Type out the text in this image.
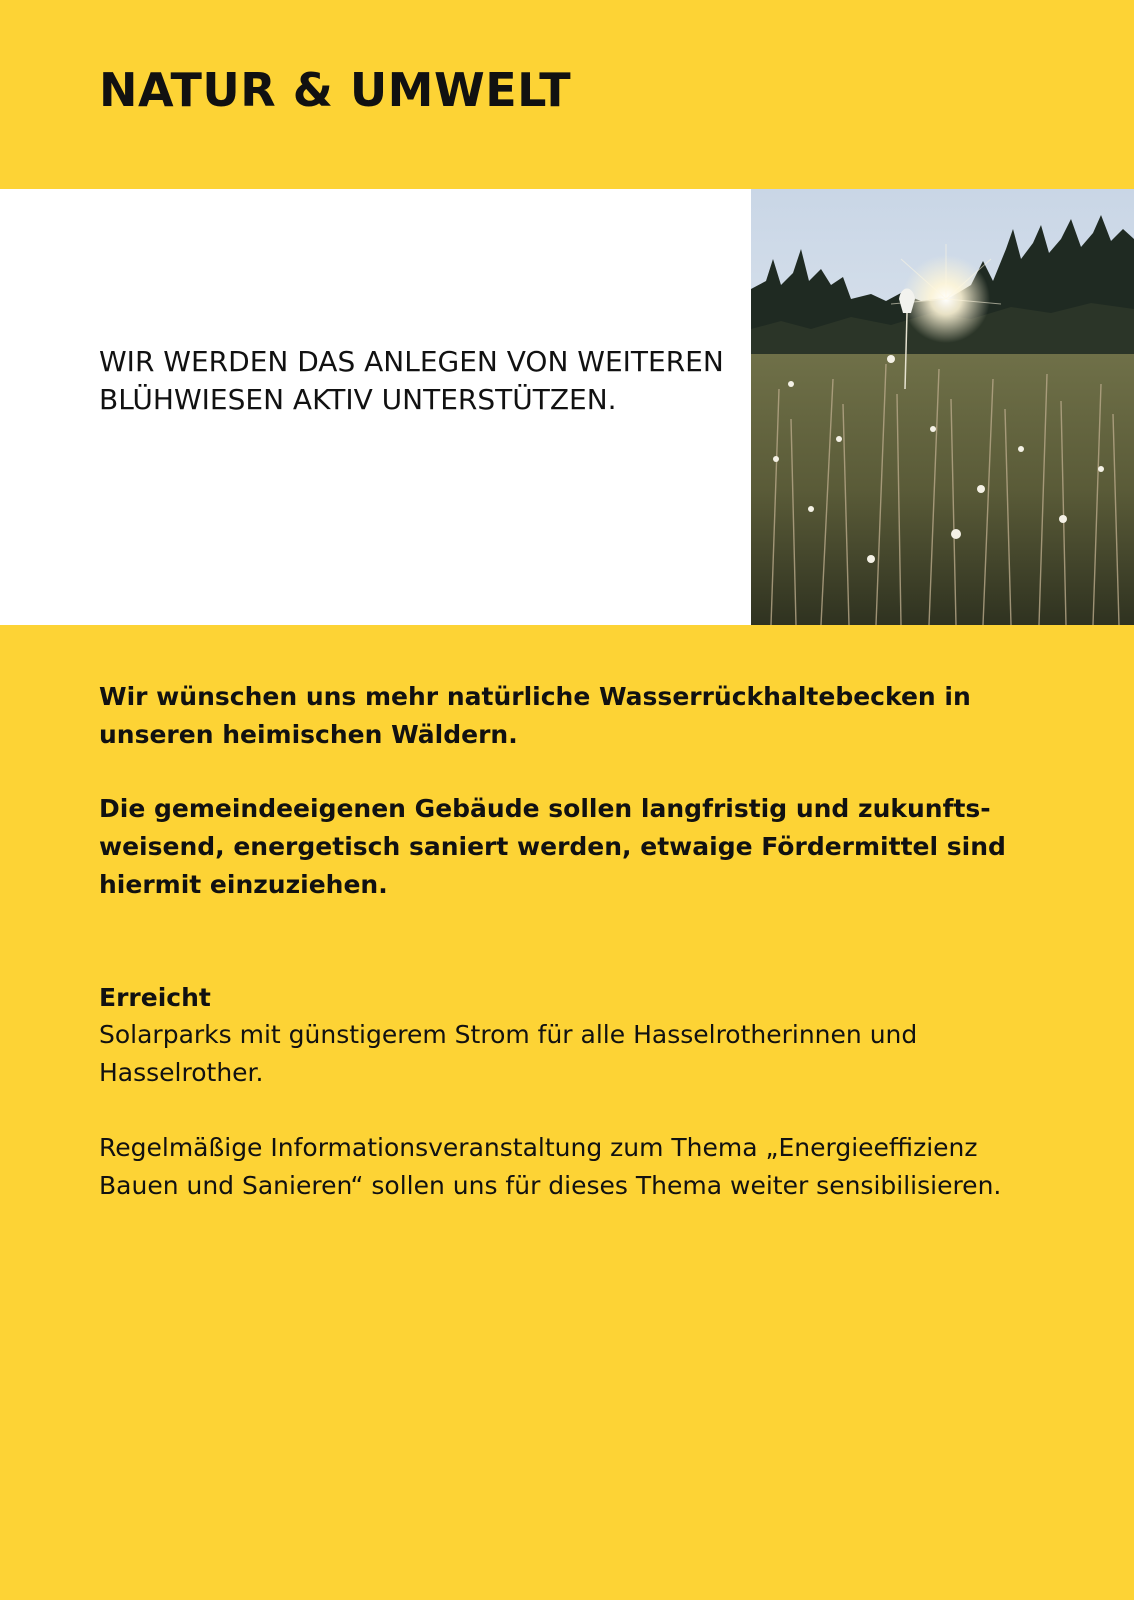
NATUR & UMWELT
WIR WERDEN DAS ANLEGEN VON WEITEREN BLÜHWIESEN AKTIV UNTERSTÜTZEN.

Wir wünschen uns mehr natürliche Wasserrückhaltebecken in unseren heimischen Wäldern.

Die gemeindeeigenen Gebäude sollen langfristig und zukunfts-weisend, energetisch saniert werden, etwaige Fördermittel sind hiermit einzuziehen.

Erreicht

Solarparks mit günstigerem Strom für alle Hasselrotherinnen und Hasselrother.

Regelmäßige Informationsveranstaltung zum Thema „Energieeffizienz Bauen und Sanieren“ sollen uns für dieses Thema weiter sensibilisieren.
